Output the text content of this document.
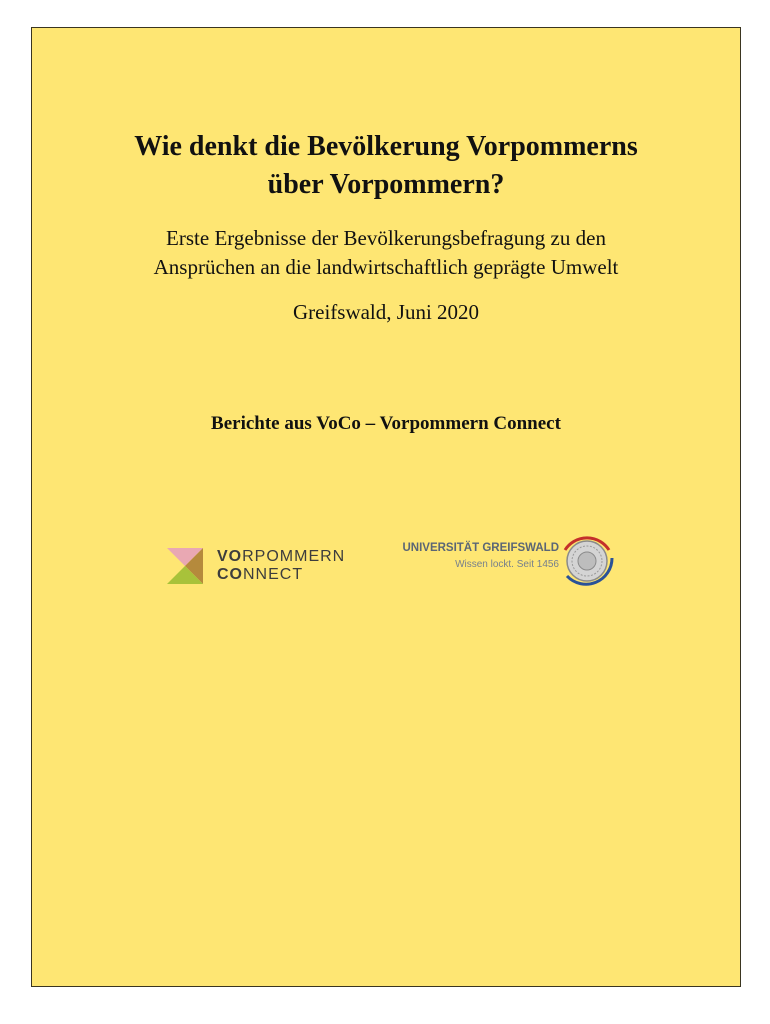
Wie denkt die Bevölkerung Vorpommerns
über Vorpommern?

Erste Ergebnisse der Bevölkerungsbefragung zu den
Ansprüchen an die landwirtschaftlich geprägte Umwelt

Greifswald, Juni 2020
Berichte aus VoCo – Vorpommern Connect
VORPOMMERN
CONNECT
UNIVERSITÄT GREIFSWALD
Wissen lockt. Seit 1456
